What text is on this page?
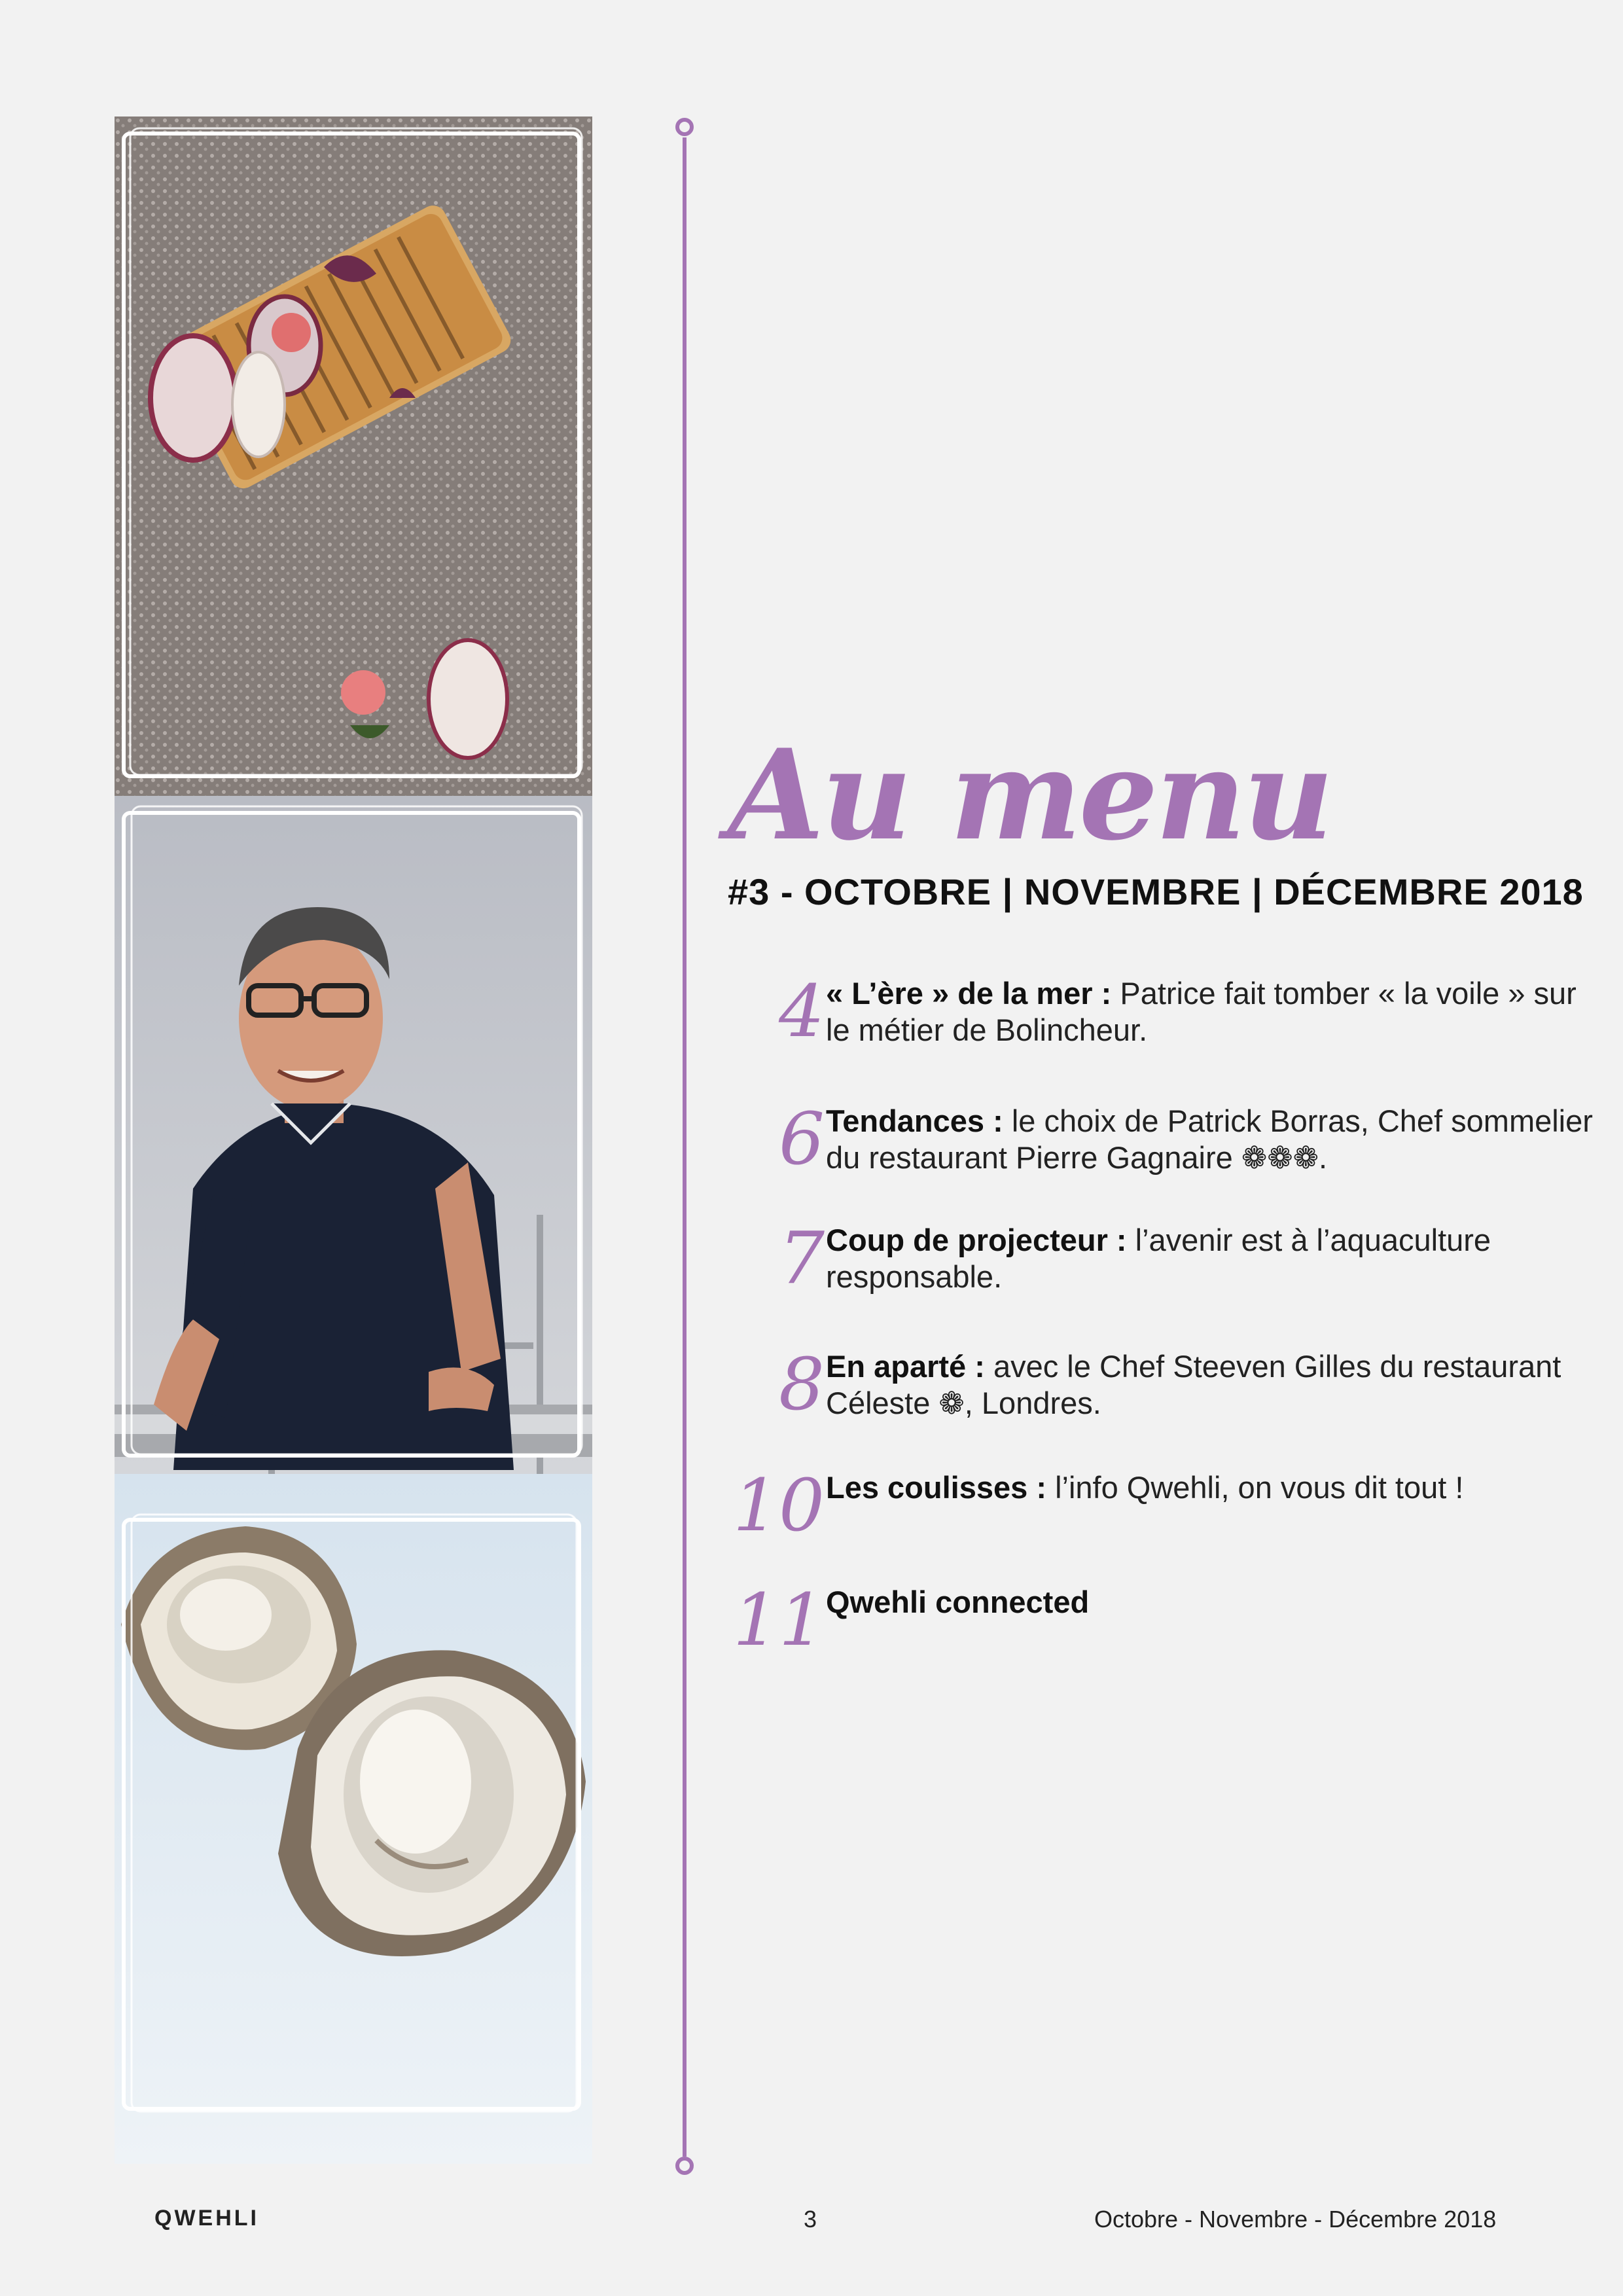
Au menu
#3 - OCTOBRE | NOVEMBRE | DÉCEMBRE 2018
4 « L’ère » de la mer : Patrice fait tomber « la voile » sur le métier de Bolincheur.
6 Tendances : le choix de Patrick Borras, Chef sommelier du restaurant Pierre Gagnaire ❁❁❁.
7 Coup de projecteur : l’avenir est à l’aquaculture responsable.
8 En aparté : avec le Chef Steeven Gilles du restaurant Céleste ❁, Londres.
10 Les coulisses : l’info Qwehli, on vous dit tout !
11 Qwehli connected
QWEHLI	3	Octobre - Novembre - Décembre 2018
